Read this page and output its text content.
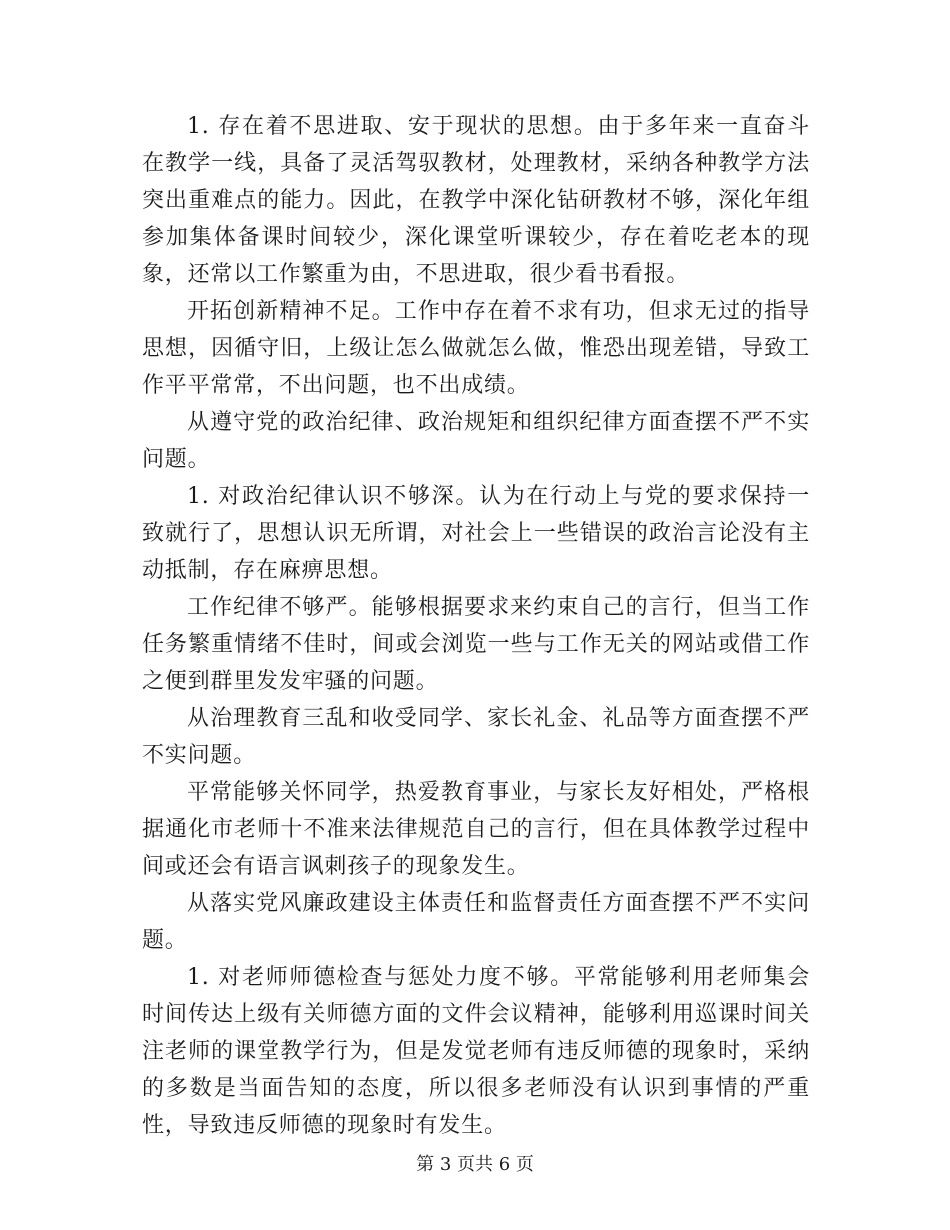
1. 存在着不思进取、安于现状的思想。由于多年来一直奋斗在教学一线，具备了灵活驾驭教材，处理教材，采纳各种教学方法突出重难点的能力。因此，在教学中深化钻研教材不够，深化年组参加集体备课时间较少，深化课堂听课较少，存在着吃老本的现象，还常以工作繁重为由，不思进取，很少看书看报。

开拓创新精神不足。工作中存在着不求有功，但求无过的指导思想，因循守旧，上级让怎么做就怎么做，惟恐出现差错，导致工作平平常常，不出问题，也不出成绩。

从遵守党的政治纪律、政治规矩和组织纪律方面查摆不严不实问题。

1. 对政治纪律认识不够深。认为在行动上与党的要求保持一致就行了，思想认识无所谓，对社会上一些错误的政治言论没有主动抵制，存在麻痹思想。

工作纪律不够严。能够根据要求来约束自己的言行，但当工作任务繁重情绪不佳时，间或会浏览一些与工作无关的网站或借工作之便到群里发发牢骚的问题。

从治理教育三乱和收受同学、家长礼金、礼品等方面查摆不严不实问题。

平常能够关怀同学，热爱教育事业，与家长友好相处，严格根据通化市老师十不准来法律规范自己的言行，但在具体教学过程中间或还会有语言讽刺孩子的现象发生。

从落实党风廉政建设主体责任和监督责任方面查摆不严不实问题。

1. 对老师师德检查与惩处力度不够。平常能够利用老师集会时间传达上级有关师德方面的文件会议精神，能够利用巡课时间关注老师的课堂教学行为，但是发觉老师有违反师德的现象时，采纳的多数是当面告知的态度，所以很多老师没有认识到事情的严重性，导致违反师德的现象时有发生。

第 3 页共 6 页
